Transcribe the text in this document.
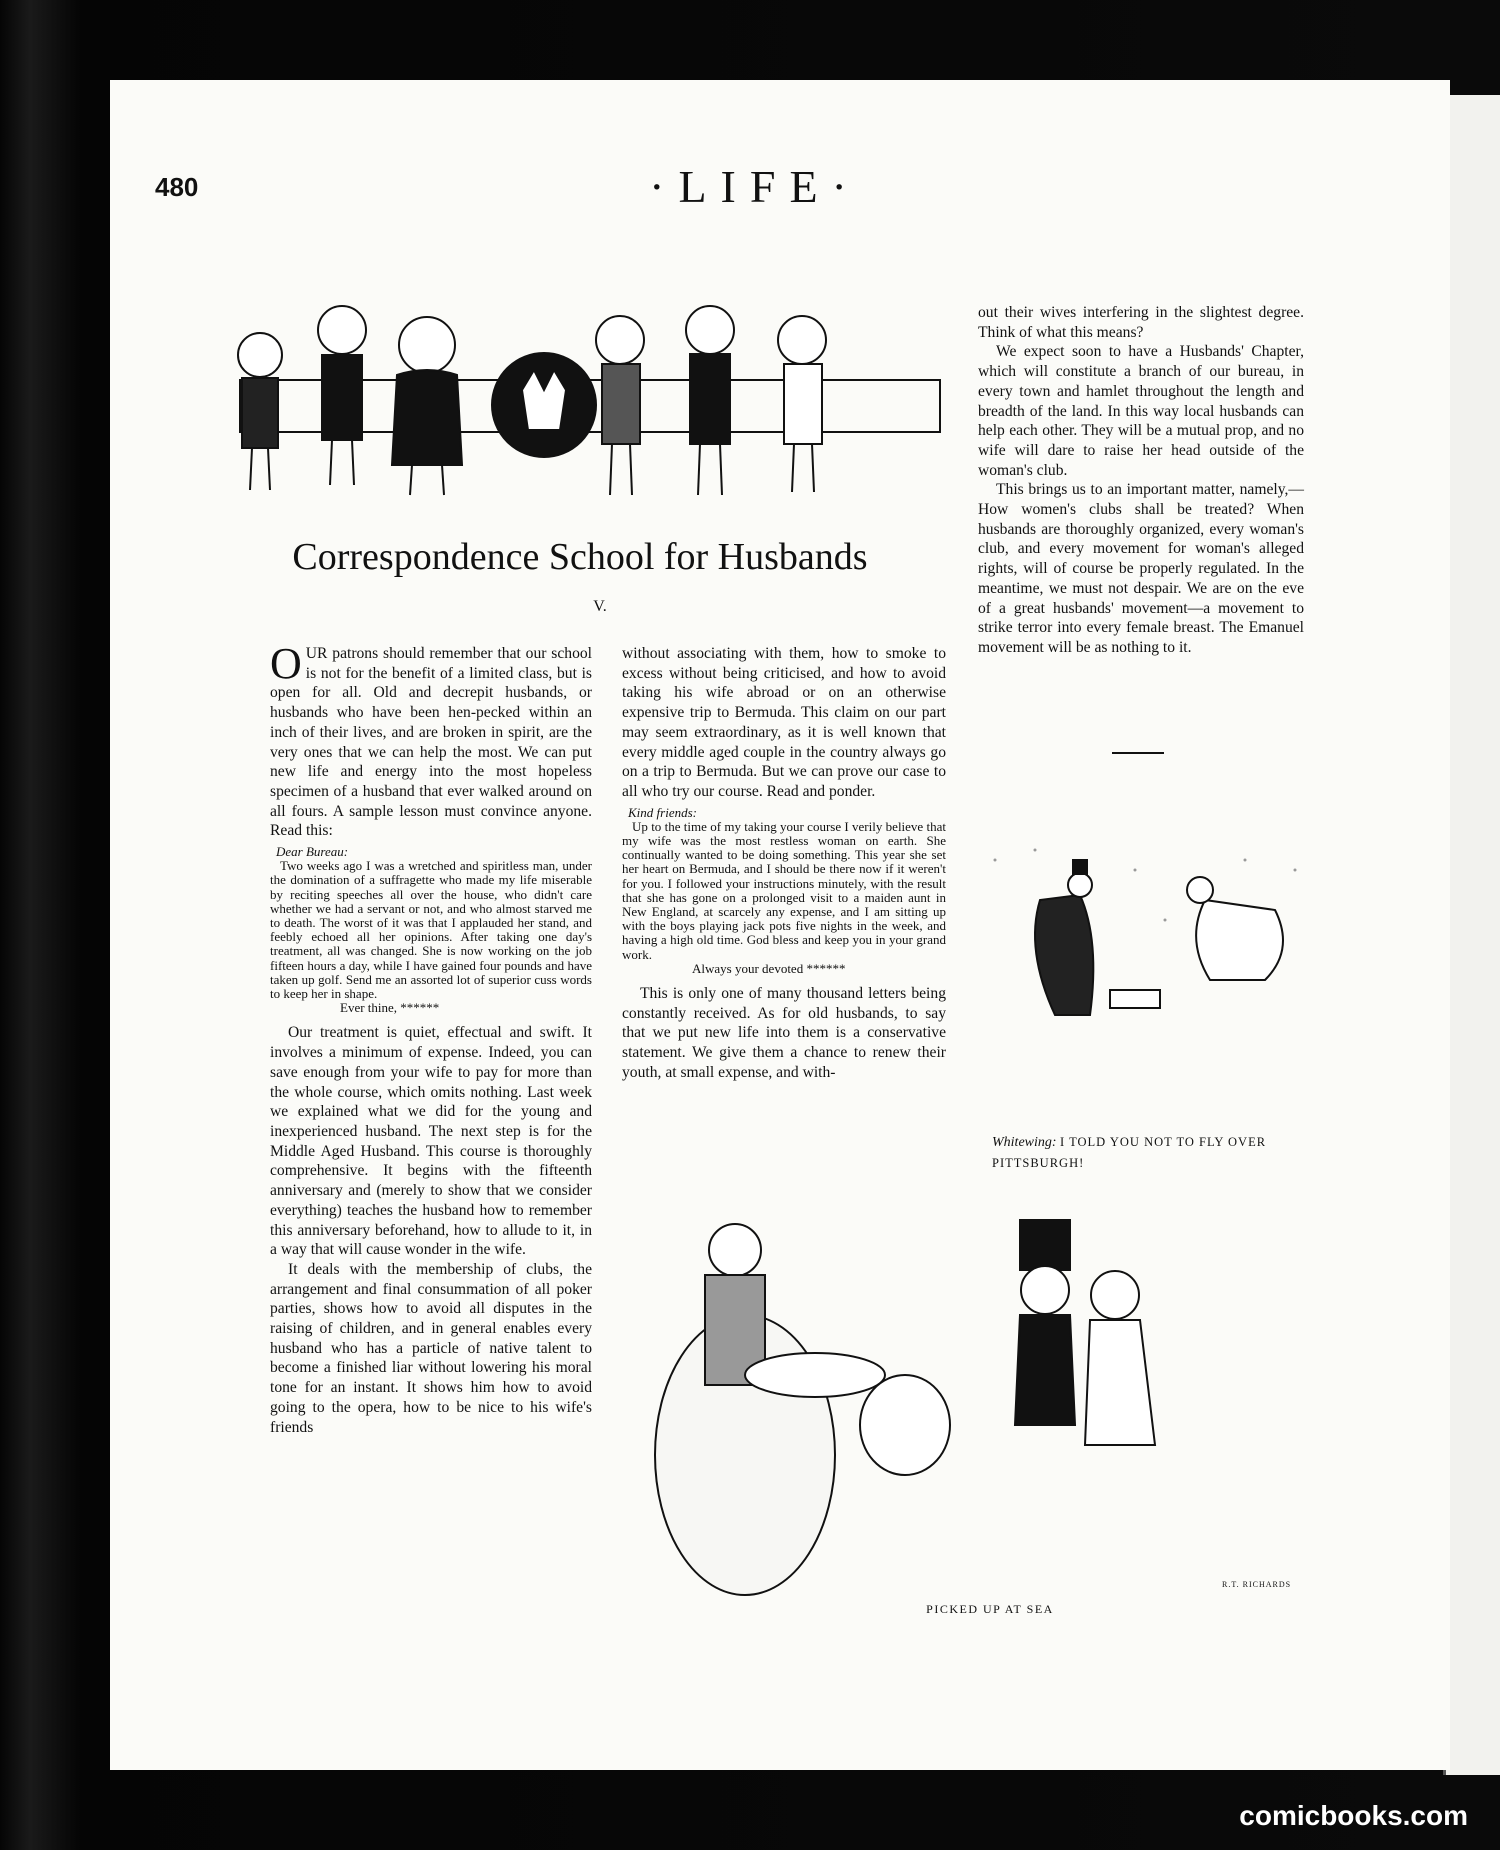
480	·LIFE·
Correspondence School for Husbands
V.

OUR patrons should remember that our school is not for the benefit of a limited class, but is open for all. Old and decrepit husbands, or husbands who have been hen-pecked within an inch of their lives, and are broken in spirit, are the very ones that we can help the most. We can put new life and energy into the most hopeless specimen of a husband that ever walked around on all fours. A sample lesson must convince anyone. Read this:

Dear Bureau:
Two weeks ago I was a wretched and spiritless man, under the domination of a suffragette who made my life miserable by reciting speeches all over the house, who didn't care whether we had a servant or not, and who almost starved me to death. The worst of it was that I applauded her stand, and feebly echoed all her opinions. After taking one day's treatment, all was changed. She is now working on the job fifteen hours a day, while I have gained four pounds and have taken up golf. Send me an assorted lot of superior cuss words to keep her in shape.
Ever thine, ******

Our treatment is quiet, effectual and swift. It involves a minimum of expense. Indeed, you can save enough from your wife to pay for more than the whole course, which omits nothing. Last week we explained what we did for the young and inexperienced husband. The next step is for the Middle Aged Husband. This course is thoroughly comprehensive. It begins with the fifteenth anniversary and (merely to show that we consider everything) teaches the husband how to remember this anniversary beforehand, how to allude to it, in a way that will cause wonder in the wife.

It deals with the membership of clubs, the arrangement and final consummation of all poker parties, shows how to avoid all disputes in the raising of children, and in general enables every husband who has a particle of native talent to become a finished liar without lowering his moral tone for an instant. It shows him how to avoid going to the opera, how to be nice to his wife's friends

without associating with them, how to smoke to excess without being criticised, and how to avoid taking his wife abroad or on an otherwise expensive trip to Bermuda. This claim on our part may seem extraordinary, as it is well known that every middle aged couple in the country always go on a trip to Bermuda. But we can prove our case to all who try our course. Read and ponder.

Kind friends:
Up to the time of my taking your course I verily believe that my wife was the most restless woman on earth. She continually wanted to be doing something. This year she set her heart on Bermuda, and I should be there now if it weren't for you. I followed your instructions minutely, with the result that she has gone on a prolonged visit to a maiden aunt in New England, at scarcely any expense, and I am sitting up with the boys playing jack pots five nights in the week, and having a high old time. God bless and keep you in your grand work.
Always your devoted ******

This is only one of many thousand letters being constantly received. As for old husbands, to say that we put new life into them is a conservative statement. We give them a chance to renew their youth, at small expense, and with-

out their wives interfering in the slightest degree. Think of what this means?

We expect soon to have a Husbands' Chapter, which will constitute a branch of our bureau, in every town and hamlet throughout the length and breadth of the land. In this way local husbands can help each other. They will be a mutual prop, and no wife will dare to raise her head outside of the woman's club.

This brings us to an important matter, namely,—How women's clubs shall be treated? When husbands are thoroughly organized, every woman's club, and every movement for woman's alleged rights, will of course be properly regulated. In the meantime, we must not despair. We are on the eve of a great husbands' movement—a movement to strike terror into every female breast. The Emanuel movement will be as nothing to it.

Whitewing: I TOLD YOU NOT TO FLY OVER PITTSBURGH!
R.T. RICHARDS
PICKED UP AT SEA
comicbooks.com
